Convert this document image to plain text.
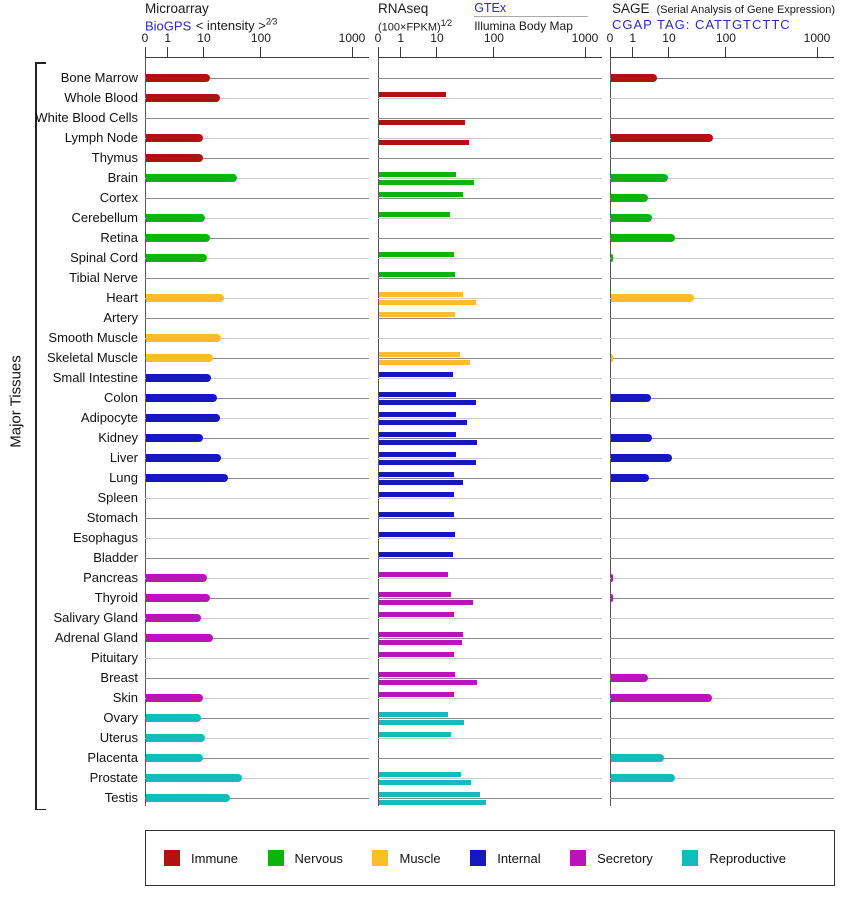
Major Tissues
Bone Marrow
Whole Blood
White Blood Cells
Lymph Node
Thymus
Brain
Cortex
Cerebellum
Retina
Spinal Cord
Tibial Nerve
Heart
Artery
Smooth Muscle
Skeletal Muscle
Small Intestine
Colon
Adipocyte
Kidney
Liver
Lung
Spleen
Stomach
Esophagus
Bladder
Pancreas
Thyroid
Salivary Gland
Adrenal Gland
Pituitary
Breast
Skin
Ovary
Uterus
Placenta
Prostate
Testis
Microarray
BioGPS < intensity >$^{2⁄3}$
RNAseq
(100×FPKM)$^{1⁄2}$
GTEx
Illumina Body Map
SAGE (Serial Analysis of Gene Expression)
CGAP TAG: CATTGTCTTC
0 1 10	100	1000 0 1 10	100	1000 0 1 10	100	1000
Immune	Nervous	Muscle	Internal	Secretory	Reproductive
